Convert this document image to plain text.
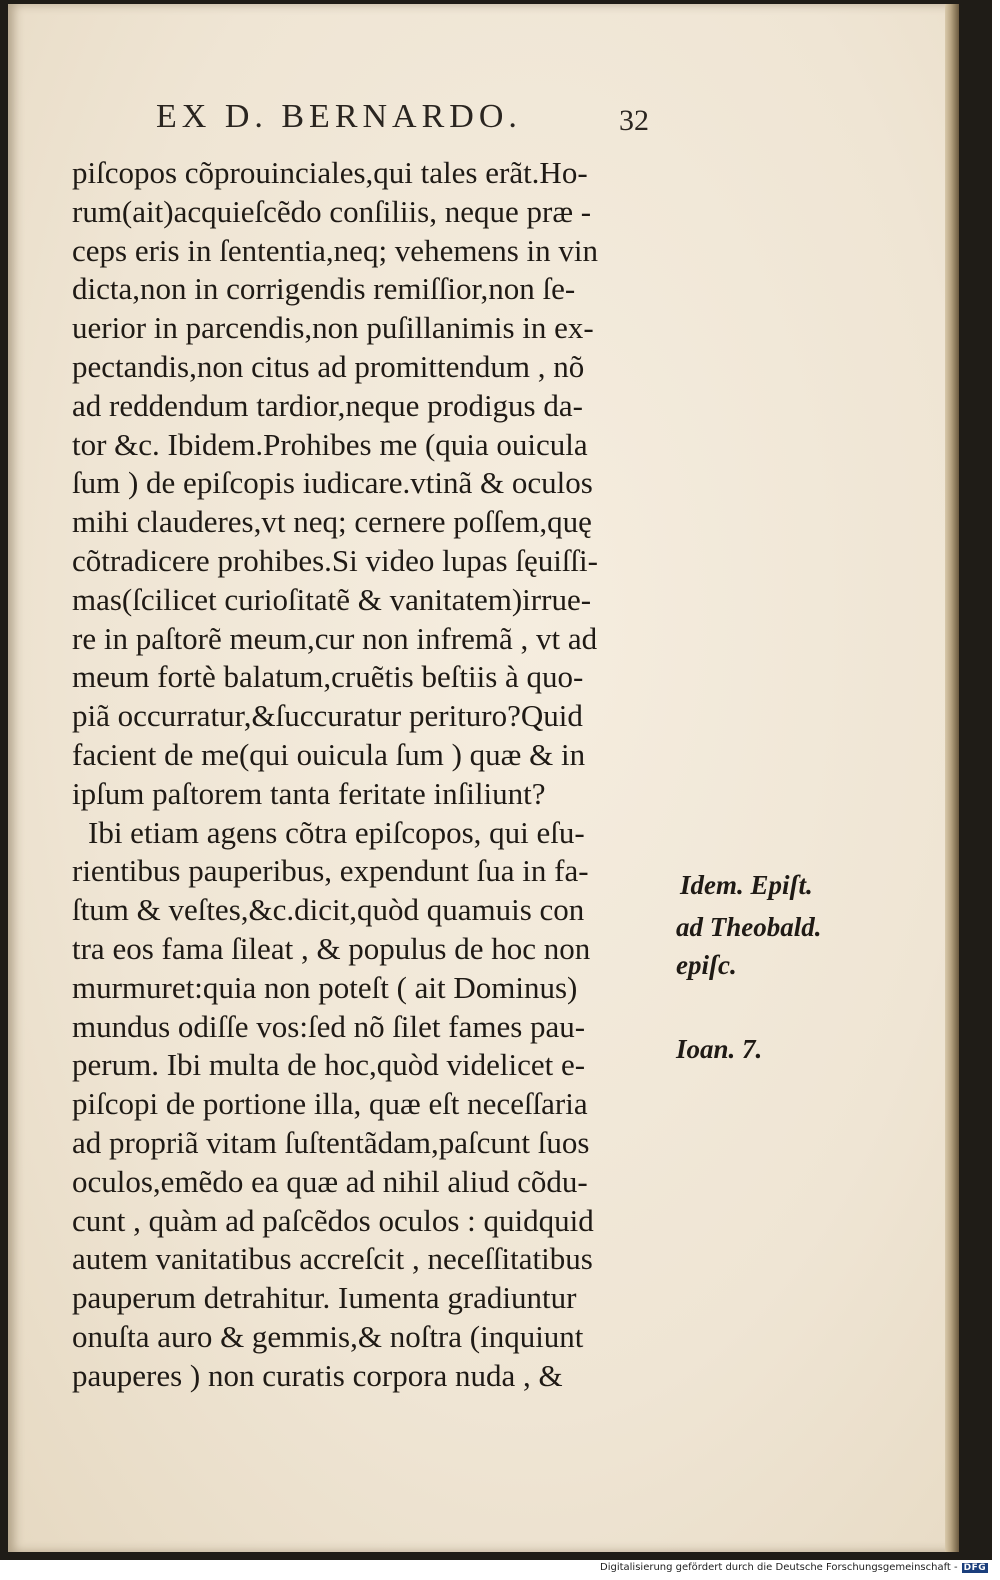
EX D. BERNARDO.	32
piſcopos cõprouinciales,qui tales erãt.Ho-
rum(ait)acquieſcẽdo conſiliis, neque præ -
ceps eris in ſententia,neq; vehemens in vin
dicta,non in corrigendis remiſſior,non ſe-
uerior in parcendis,non puſillanimis in ex-
pectandis,non citus ad promittendum , nõ
ad reddendum tardior,neque prodigus da-
tor &c. Ibidem.Prohibes me (quia ouicula
ſum ) de epiſcopis iudicare.vtinã & oculos
mihi clauderes,vt neq; cernere poſſem,quę
cõtradicere prohibes.Si video lupas ſęuiſſi-
mas(ſcilicet curioſitatẽ & vanitatem)irrue-
re in paſtorẽ meum,cur non infremã , vt ad
meum fortè balatum,cruẽtis beſtiis à quo-
piã occurratur,&ſuccuratur perituro?Quid
facient de me(qui ouicula ſum ) quæ & in
ipſum paſtorem tanta feritate inſiliunt?
Ibi etiam agens cõtra epiſcopos, qui eſu-
rientibus pauperibus, expendunt ſua in fa-
ſtum & veſtes,&c.dicit,quòd quamuis con
tra eos fama ſileat , & populus de hoc non
murmuret:quia non poteſt ( ait Dominus)
mundus odiſſe vos:ſed nõ ſilet fames pau-
perum. Ibi multa de hoc,quòd videlicet e-
piſcopi de portione illa, quæ eſt neceſſaria
ad propriã vitam ſuſtentãdam,paſcunt ſuos
oculos,emẽdo ea quæ ad nihil aliud cõdu-
cunt , quàm ad paſcẽdos oculos : quidquid
autem vanitatibus accreſcit , neceſſitatibus
pauperum detrahitur. Iumenta gradiuntur
onuſta auro & gemmis,& noſtra (inquiunt
pauperes ) non curatis corpora nuda , &
Idem. Epiſt.
ad Theobald.
epiſc.
Ioan. 7.
Digitalisierung gefördert durch die Deutsche Forschungsgemeinschaft - DFG
